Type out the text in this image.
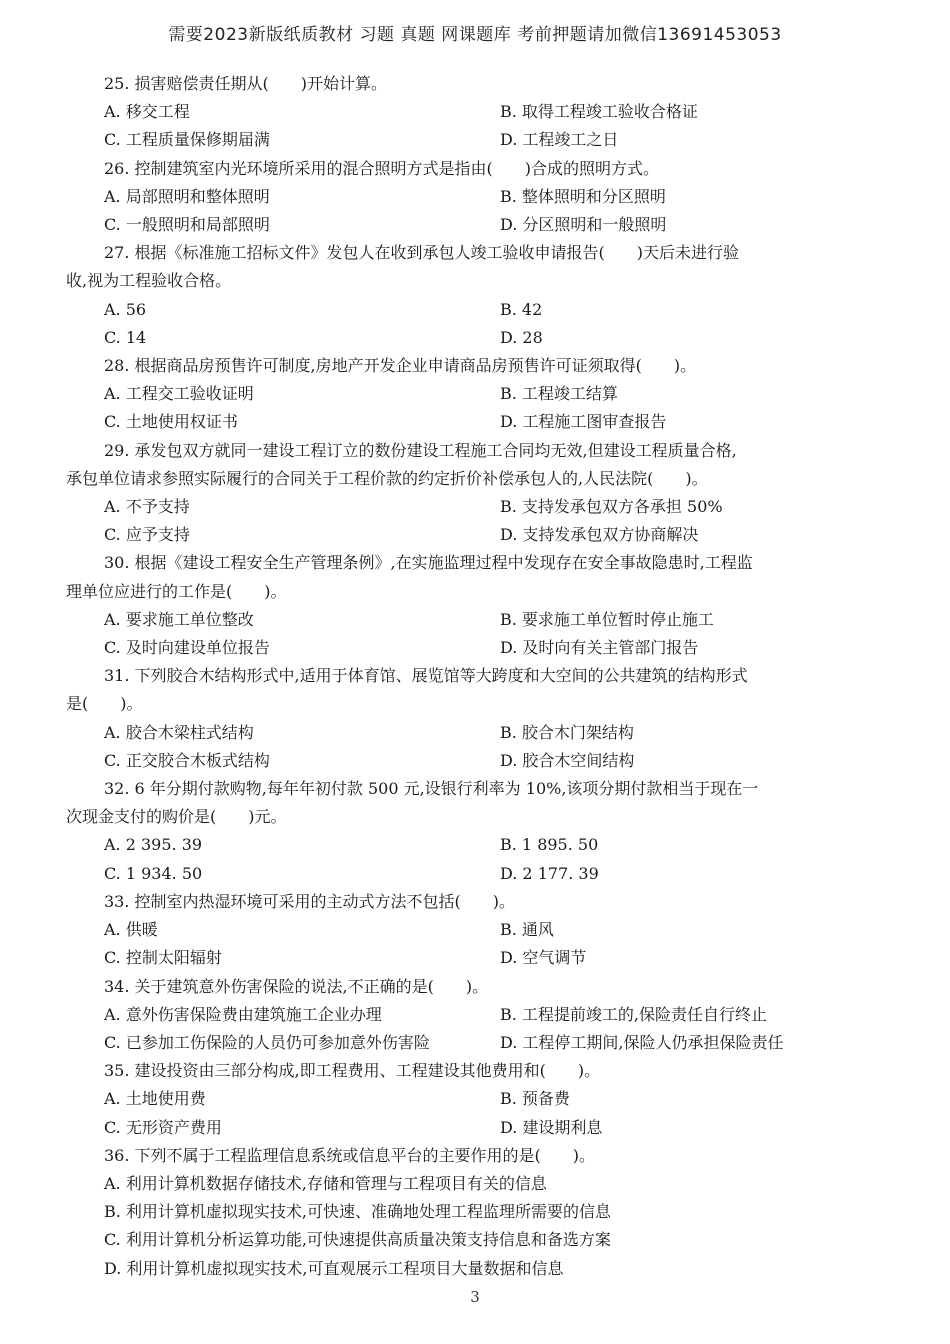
需要2023新版纸质教材 习题 真题 网课题库 考前押题请加微信13691453053
25. 损害赔偿责任期从(　　)开始计算。
A. 移交工程	B. 取得工程竣工验收合格证
C. 工程质量保修期届满	D. 工程竣工之日
26. 控制建筑室内光环境所采用的混合照明方式是指由(　　)合成的照明方式。
A. 局部照明和整体照明	B. 整体照明和分区照明
C. 一般照明和局部照明	D. 分区照明和一般照明
27. 根据《标准施工招标文件》发包人在收到承包人竣工验收申请报告(　　)天后未进行验
收,视为工程验收合格。
A. 56	B. 42
C. 14	D. 28
28. 根据商品房预售许可制度,房地产开发企业申请商品房预售许可证须取得(　　)。
A. 工程交工验收证明	B. 工程竣工结算
C. 土地使用权证书	D. 工程施工图审查报告
29. 承发包双方就同一建设工程订立的数份建设工程施工合同均无效,但建设工程质量合格,
承包单位请求参照实际履行的合同关于工程价款的约定折价补偿承包人的,人民法院(　　)。
A. 不予支持	B. 支持发承包双方各承担 50%
C. 应予支持	D. 支持发承包双方协商解决
30. 根据《建设工程安全生产管理条例》,在实施监理过程中发现存在安全事故隐患时,工程监
理单位应进行的工作是(　　)。
A. 要求施工单位整改	B. 要求施工单位暂时停止施工
C. 及时向建设单位报告	D. 及时向有关主管部门报告
31. 下列胶合木结构形式中,适用于体育馆、展览馆等大跨度和大空间的公共建筑的结构形式
是(　　)。
A. 胶合木梁柱式结构	B. 胶合木门架结构
C. 正交胶合木板式结构	D. 胶合木空间结构
32. 6 年分期付款购物,每年年初付款 500 元,设银行利率为 10%,该项分期付款相当于现在一
次现金支付的购价是(　　)元。
A. 2 395. 39	B. 1 895. 50
C. 1 934. 50	D. 2 177. 39
33. 控制室内热湿环境可采用的主动式方法不包括(　　)。
A. 供暖	B. 通风
C. 控制太阳辐射	D. 空气调节
34. 关于建筑意外伤害保险的说法,不正确的是(　　)。
A. 意外伤害保险费由建筑施工企业办理	B. 工程提前竣工的,保险责任自行终止
C. 已参加工伤保险的人员仍可参加意外伤害险	D. 工程停工期间,保险人仍承担保险责任
35. 建设投资由三部分构成,即工程费用、工程建设其他费用和(　　)。
A. 土地使用费	B. 预备费
C. 无形资产费用	D. 建设期利息
36. 下列不属于工程监理信息系统或信息平台的主要作用的是(　　)。
A. 利用计算机数据存储技术,存储和管理与工程项目有关的信息
B. 利用计算机虚拟现实技术,可快速、准确地处理工程监理所需要的信息
C. 利用计算机分析运算功能,可快速提供高质量决策支持信息和备选方案
D. 利用计算机虚拟现实技术,可直观展示工程项目大量数据和信息
3
